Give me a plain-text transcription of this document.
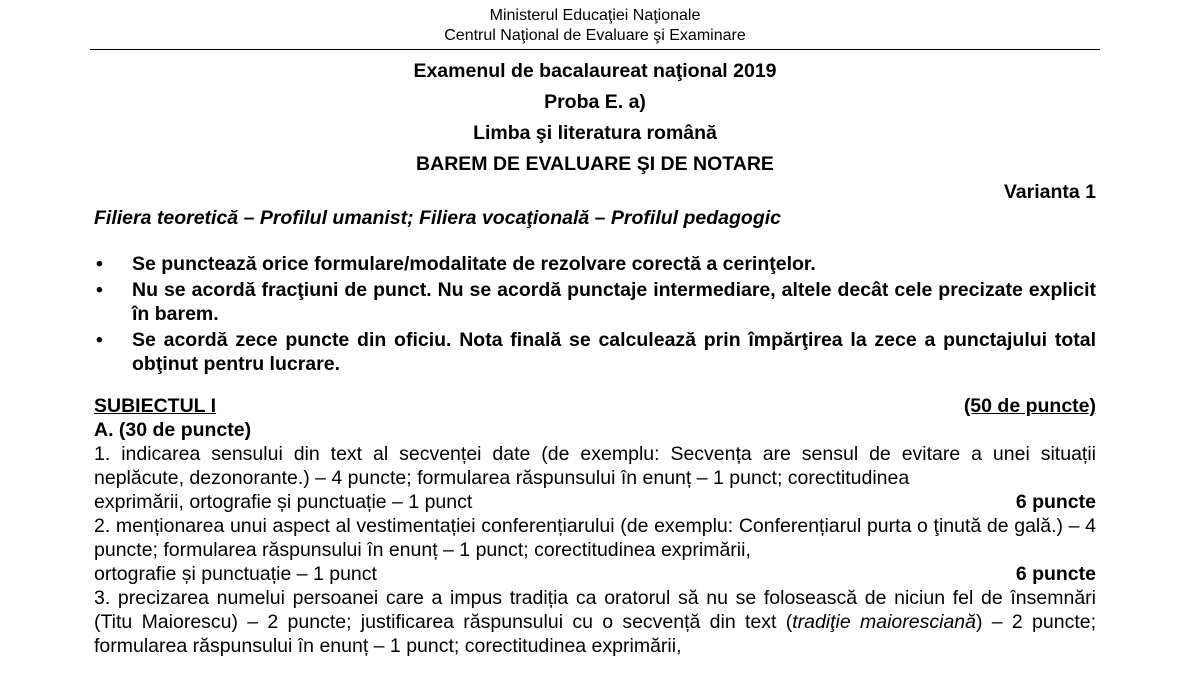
Ministerul Educaţiei Naţionale
Centrul Naţional de Evaluare şi Examinare
Examenul de bacalaureat naţional 2019
Proba E. a)
Limba şi literatura română
BAREM DE EVALUARE ŞI DE NOTARE
Varianta 1
Filiera teoretică – Profilul umanist; Filiera vocaţională – Profilul pedagogic
• Se punctează orice formulare/modalitate de rezolvare corectă a cerinţelor.
• Nu se acordă fracţiuni de punct. Nu se acordă punctaje intermediare, altele decât cele precizate explicit în barem.
• Se acordă zece puncte din oficiu. Nota finală se calculează prin împărţirea la zece a punctajului total obţinut pentru lucrare.
SUBIECTUL I	(50 de puncte)
A. (30 de puncte)
1. indicarea sensului din text al secvenței date (de exemplu: Secvența are sensul de evitare a unei situații neplăcute, dezonorante.) – 4 puncte; formularea răspunsului în enunț – 1 punct; corectitudinea
exprimării, ortografie și punctuație – 1 punct	6 puncte
2. menționarea unui aspect al vestimentației conferențiarului (de exemplu: Conferențiarul purta o ţinută de gală.) – 4 puncte; formularea răspunsului în enunț – 1 punct; corectitudinea exprimării,
ortografie și punctuație – 1 punct	6 puncte
3. precizarea numelui persoanei care a impus tradiția ca oratorul să nu se folosească de niciun fel de însemnări (Titu Maiorescu) – 2 puncte; justificarea răspunsului cu o secvență din text (tradiţie maioresciană) – 2 puncte; formularea răspunsului în enunț – 1 punct; corectitudinea exprimării,
